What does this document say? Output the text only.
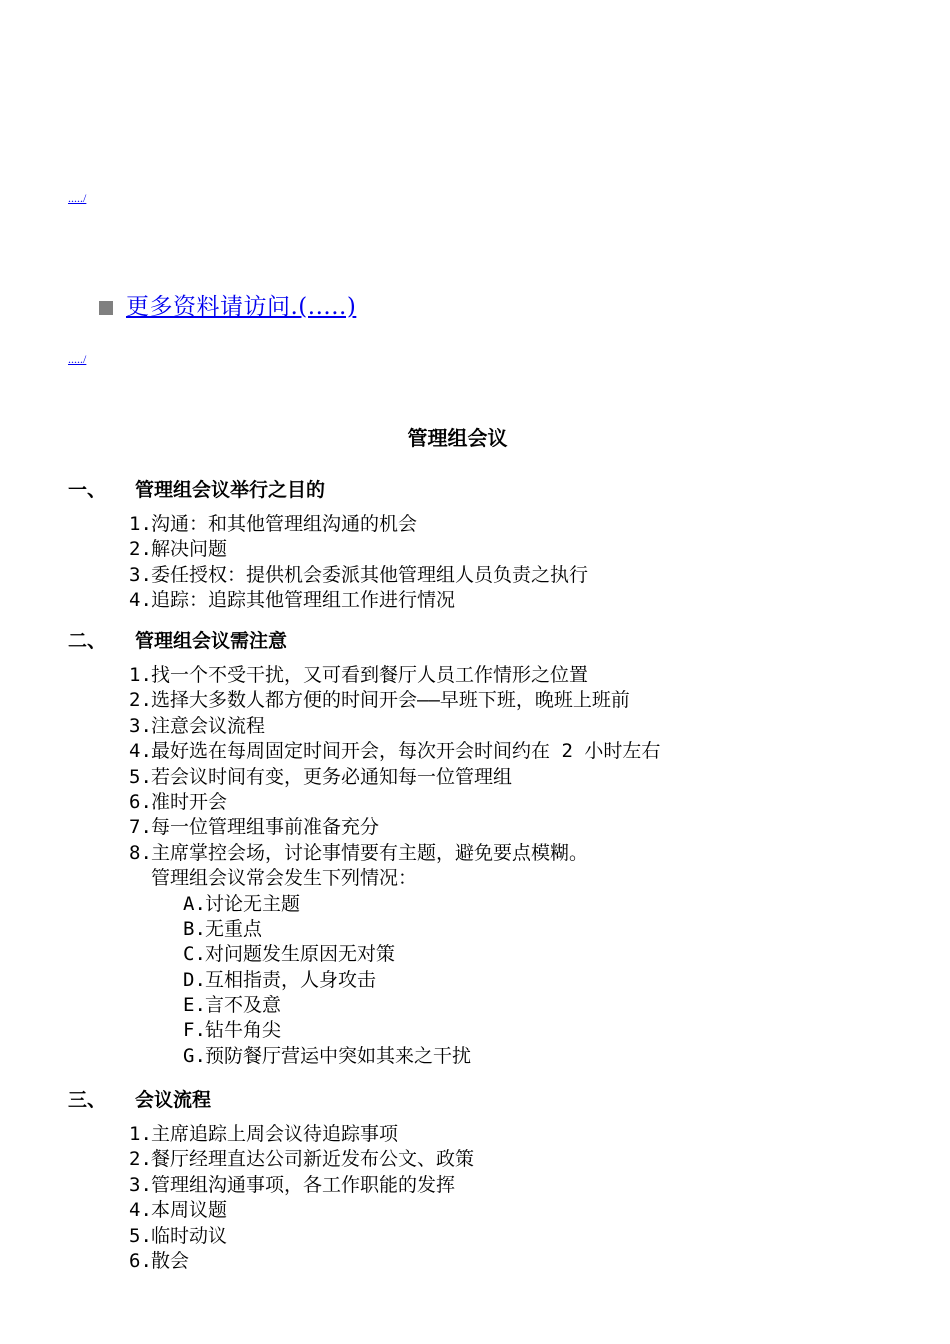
...../
更多资料请访问.(.....)
...../
管理组会议
一、	管理组会议举行之目的
1.沟通：和其他管理组沟通的机会
2.解决问题
3.委任授权：提供机会委派其他管理组人员负责之执行
4.追踪：追踪其他管理组工作进行情况
二、	管理组会议需注意
1.找一个不受干扰，又可看到餐厅人员工作情形之位置
2.选择大多数人都方便的时间开会——早班下班，晚班上班前
3.注意会议流程
4.最好选在每周固定时间开会，每次开会时间约在 2 小时左右
5.若会议时间有变，更务必通知每一位管理组
6.准时开会
7.每一位管理组事前准备充分
8.主席掌控会场，讨论事情要有主题，避免要点模糊。
管理组会议常会发生下列情况：
A.讨论无主题
B.无重点
C.对问题发生原因无对策
D.互相指责，人身攻击
E.言不及意
F.钻牛角尖
G.预防餐厅营运中突如其来之干扰
三、	会议流程
1.主席追踪上周会议待追踪事项
2.餐厅经理直达公司新近发布公文、政策
3.管理组沟通事项，各工作职能的发挥
4.本周议题
5.临时动议
6.散会
